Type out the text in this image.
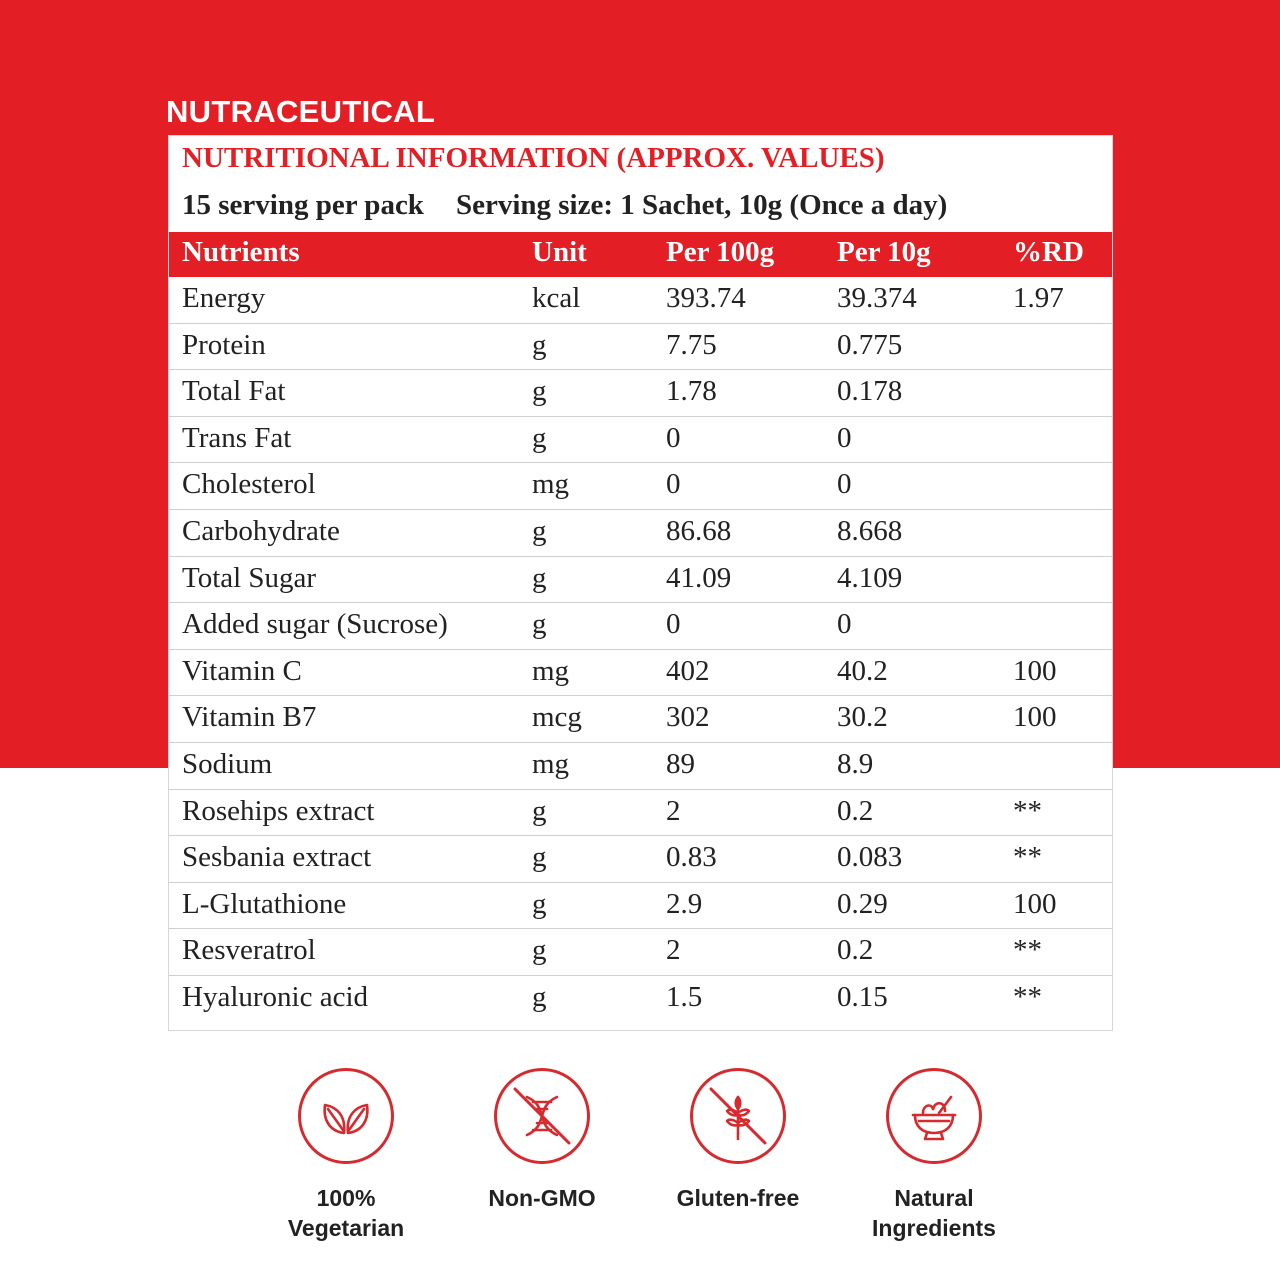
NUTRACEUTICAL
NUTRITIONAL INFORMATION (APPROX. VALUES)
15 serving per pack Serving size: 1 Sachet, 10g (Once a day)
Nutrients	Unit	Per 100g Per 10g	%RD
Energy	kcal	393.74	39.374	1.97
Protein	g	7.75	0.775
Total Fat	g	1.78	0.178
Trans Fat	g	0	0
Cholesterol	mg	0	0
Carbohydrate	g	86.68	8.668
Total Sugar	g	41.09	4.109
Added sugar (Sucrose)	g	0	0
Vitamin C	mg	402	40.2	100
Vitamin B7	mcg	302	30.2	100
Sodium	mg	89	8.9
Rosehips extract	g	2	0.2	**
Sesbania extract	g	0.83	0.083	**
L-Glutathione	g	2.9	0.29	100
Resveratrol	g	2	0.2	**
Hyaluronic acid	g	1.5	0.15	**
100%
Vegetarian
Non-GMO	Gluten-free	Natural
Ingredients
